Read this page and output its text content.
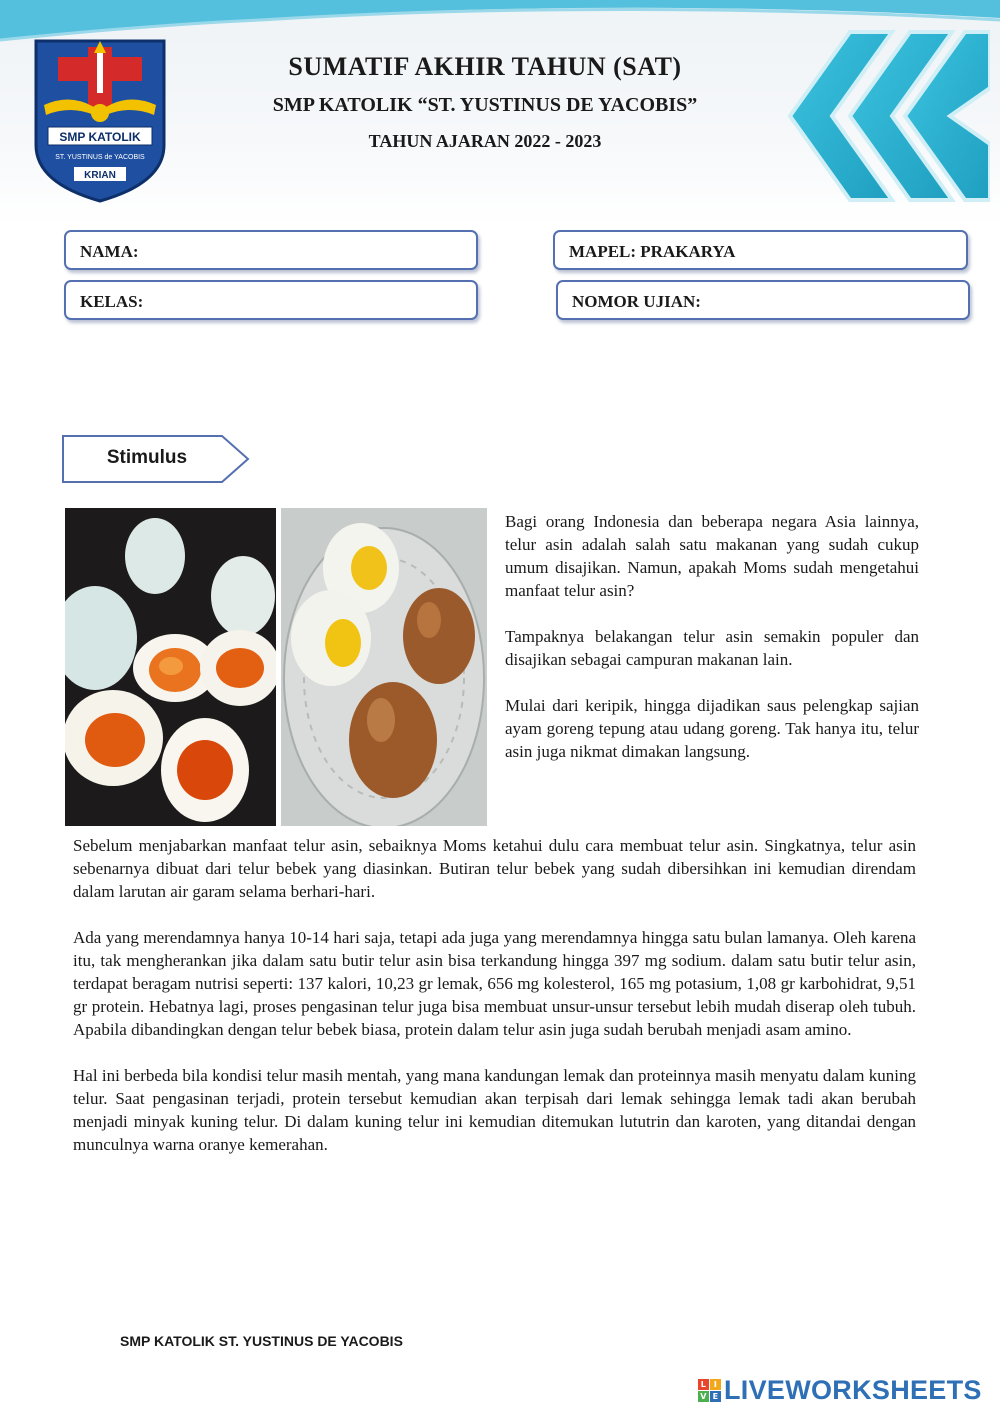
SMP KATOLIK
ST. YUSTINUS de YACOBIS
KRIAN
SUMATIF AKHIR TAHUN (SAT)
SMP KATOLIK “ST. YUSTINUS DE YACOBIS”
TAHUN AJARAN 2022 - 2023
NAMA:	MAPEL: PRAKARYA
KELAS:	NOMOR UJIAN:
Stimulus

Bagi orang Indonesia dan beberapa negara Asia lainnya, telur asin adalah salah satu makanan yang sudah cukup umum disajikan. Namun, apakah Moms sudah mengetahui manfaat telur asin?

Tampaknya belakangan telur asin semakin populer dan disajikan sebagai campuran makanan lain.

Mulai dari keripik, hingga dijadikan saus pelengkap sajian ayam goreng tepung atau udang goreng. Tak hanya itu, telur asin juga nikmat dimakan langsung.

Sebelum menjabarkan manfaat telur asin, sebaiknya Moms ketahui dulu cara membuat telur asin. Singkatnya, telur asin sebenarnya dibuat dari telur bebek yang diasinkan. Butiran telur bebek yang sudah dibersihkan ini kemudian direndam dalam larutan air garam selama berhari-hari.

Ada yang merendamnya hanya 10-14 hari saja, tetapi ada juga yang merendamnya hingga satu bulan lamanya. Oleh karena itu, tak mengherankan jika dalam satu butir telur asin bisa terkandung hingga 397 mg sodium. dalam satu butir telur asin, terdapat beragam nutrisi seperti: 137 kalori, 10,23 gr lemak, 656 mg kolesterol, 165 mg potasium, 1,08 gr karbohidrat, 9,51 gr protein. Hebatnya lagi, proses pengasinan telur juga bisa membuat unsur-unsur tersebut lebih mudah diserap oleh tubuh. Apabila dibandingkan dengan telur bebek biasa, protein dalam telur asin juga sudah berubah menjadi asam amino.

Hal ini berbeda bila kondisi telur masih mentah, yang mana kandungan lemak dan proteinnya masih menyatu dalam kuning telur. Saat pengasinan terjadi, protein tersebut kemudian akan terpisah dari lemak sehingga lemak tadi akan berubah menjadi minyak kuning telur. Di dalam kuning telur ini kemudian ditemukan lututrin dan karoten, yang ditandai dengan munculnya warna oranye kemerahan.

SMP KATOLIK ST. YUSTINUS DE YACOBIS
L I
V E LIVEWORKSHEETS
